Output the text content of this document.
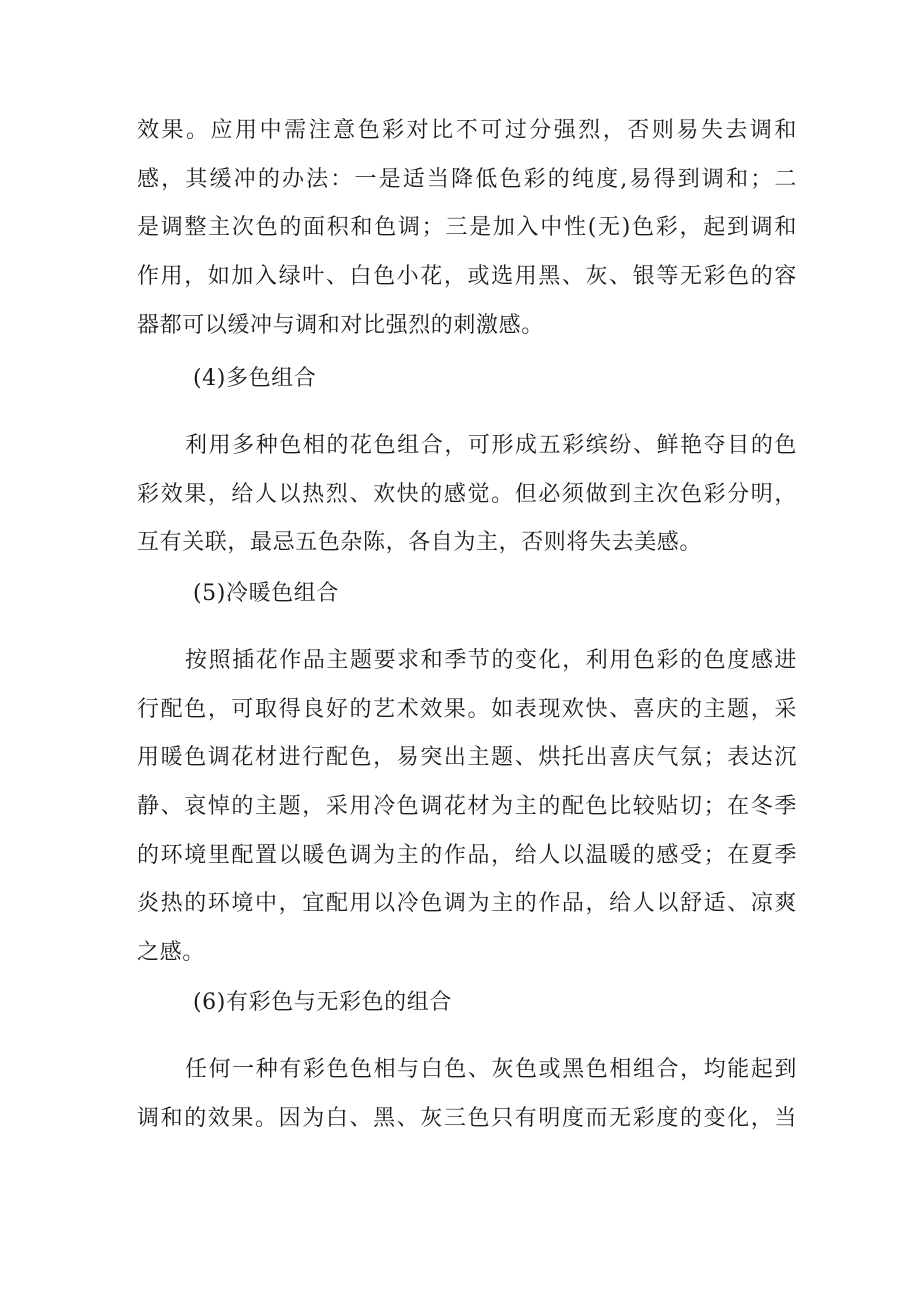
效果。应用中需注意色彩对比不可过分强烈，否则易失去调和
感，其缓冲的办法：一是适当降低色彩的纯度,易得到调和；二
是调整主次色的面积和色调；三是加入中性(无)色彩，起到调和
作用，如加入绿叶、白色小花，或选用黑、灰、银等无彩色的容
器都可以缓冲与调和对比强烈的刺激感。
(4)多色组合
利用多种色相的花色组合，可形成五彩缤纷、鲜艳夺目的色
彩效果，给人以热烈、欢快的感觉。但必须做到主次色彩分明，
互有关联，最忌五色杂陈，各自为主，否则将失去美感。
(5)冷暖色组合
按照插花作品主题要求和季节的变化，利用色彩的色度感进
行配色，可取得良好的艺术效果。如表现欢快、喜庆的主题，采
用暖色调花材进行配色，易突出主题、烘托出喜庆气氛；表达沉
静、哀悼的主题，采用冷色调花材为主的配色比较贴切；在冬季
的环境里配置以暖色调为主的作品，给人以温暖的感受；在夏季
炎热的环境中，宜配用以冷色调为主的作品，给人以舒适、凉爽
之感。
(6)有彩色与无彩色的组合
任何一种有彩色色相与白色、灰色或黑色相组合，均能起到
调和的效果。因为白、黑、灰三色只有明度而无彩度的变化，当
